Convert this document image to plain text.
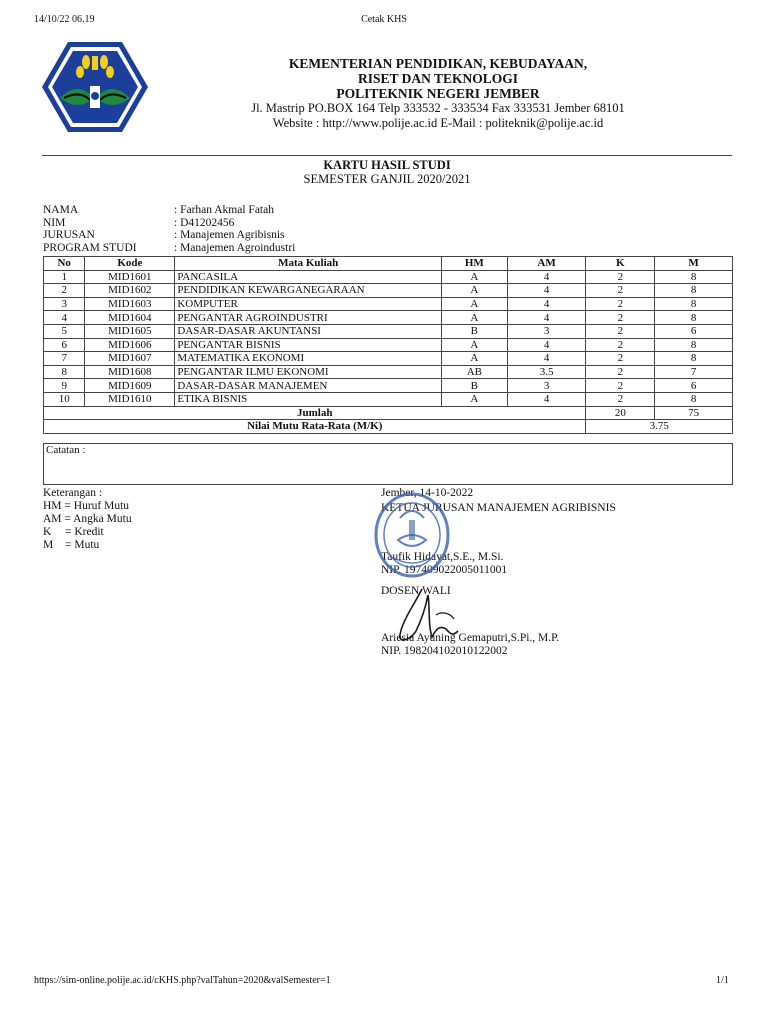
14/10/22 06.19	Cetak KHS
KEMENTERIAN PENDIDIKAN, KEBUDAYAAN,
RISET DAN TEKNOLOGI
POLITEKNIK NEGERI JEMBER
Jl. Mastrip PO.BOX 164 Telp 333532 - 333534 Fax 333531 Jember 68101
Website : http://www.polije.ac.id E-Mail : politeknik@polije.ac.id
KARTU HASIL STUDI
SEMESTER GANJIL 2020/2021
NAMA	: Farhan Akmal Fatah
NIM	: D41202456
JURUSAN	: Manajemen Agribisnis
PROGRAM STUDI	: Manajemen Agroindustri
No	Kode	Mata Kuliah	HM	AM	K	M
1	MID1601	PANCASILA	A	4	2	8
2	MID1602	PENDIDIKAN KEWARGANEGARAAN	A	4	2	8
3	MID1603	KOMPUTER	A	4	2	8
4	MID1604	PENGANTAR AGROINDUSTRI	A	4	2	8
5	MID1605	DASAR-DASAR AKUNTANSI	B	3	2	6
6	MID1606	PENGANTAR BISNIS	A	4	2	8
7	MID1607	MATEMATIKA EKONOMI	A	4	2	8
8	MID1608	PENGANTAR ILMU EKONOMI	AB	3.5	2	7
9	MID1609	DASAR-DASAR MANAJEMEN	B	3	2	6
10	MID1610	ETIKA BISNIS	A	4	2	8
Jumlah					20	75
Nilai Mutu Rata-Rata (M/K)					3.75	
Catatan :
Keterangan :
HM = Huruf Mutu
AM = Angka Mutu
K = Kredit
M = Mutu
Jember, 14-10-2022
KETUA JURUSAN MANAJEMEN AGRIBISNIS
Taufik Hidayat,S.E., M.Si.
NIP. 197409022005011001
DOSEN WALI
Ariesia Ayuning Gemaputri,S.Pi., M.P.
NIP. 198204102010122002
https://sim-online.polije.ac.id/cKHS.php?valTahun=2020&valSemester=1	1/1
